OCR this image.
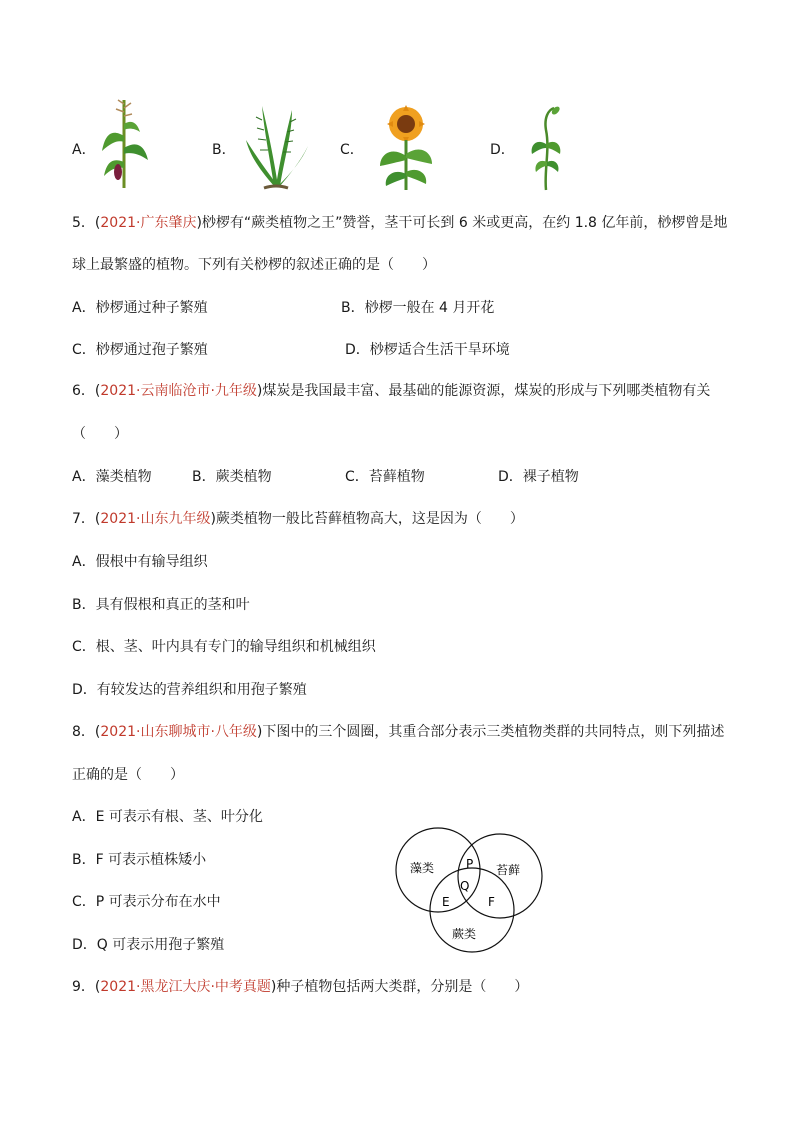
A．	B．	C．	D．
5．(2021·广东肇庆)桫椤有“蕨类植物之王”赞誉，茎干可长到 6 米或更高，在约 1.8 亿年前，桫椤曾是地
球上最繁盛的植物。下列有关桫椤的叙述正确的是（　　）
A．桫椤通过种子繁殖	B．桫椤一般在 4 月开花
C．桫椤通过孢子繁殖	D．桫椤适合生活干旱环境
6．(2021·云南临沧市·九年级)煤炭是我国最丰富、最基础的能源资源，煤炭的形成与下列哪类植物有关
（　　）
A．藻类植物	B．蕨类植物	C．苔藓植物	D．裸子植物
7．(2021·山东九年级)蕨类植物一般比苔藓植物高大，这是因为（　　）
A．假根中有输导组织
B．具有假根和真正的茎和叶
C．根、茎、叶内具有专门的输导组织和机械组织
D．有较发达的营养组织和用孢子繁殖
8．(2021·山东聊城市·八年级)下图中的三个圆圈，其重合部分表示三类植物类群的共同特点，则下列描述
正确的是（　　）
A．E 可表示有根、茎、叶分化
B．F 可表示植株矮小
C．P 可表示分布在水中
D．Q 可表示用孢子繁殖
藻类	苔藓
蕨类
P
Q
E	F
9．(2021·黑龙江大庆·中考真题)种子植物包括两大类群，分别是（　　）
